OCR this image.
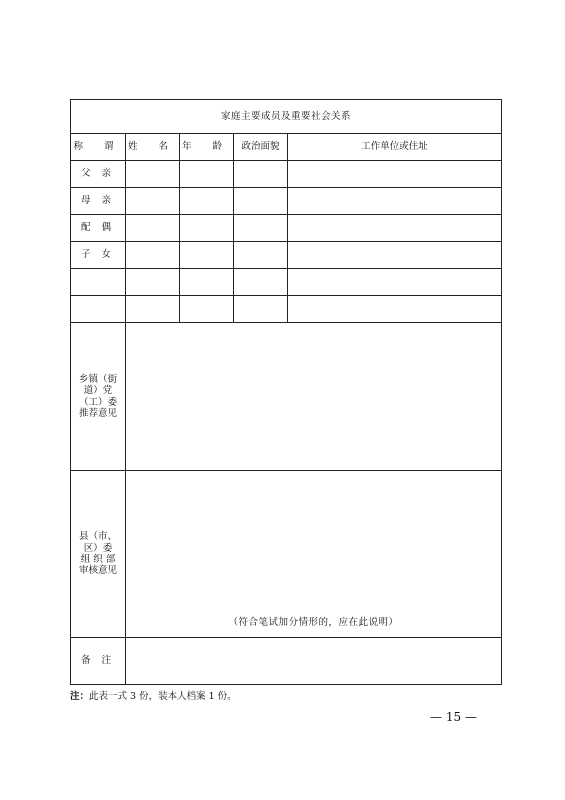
家庭主要成员及重要社会关系				
称 谓	姓 名	年 龄	政治面貌	工作单位或住址
父 亲				
母 亲				
配 偶				
子 女				

乡镇（街
道）党
（工）委
推荐意见				

县（市、
区）委
组 织 部
审核意见	（符合笔试加分情形的，应在此说明）			

备 注				
注：此表一式 3 份，装本人档案 1 份。
— 15 —
